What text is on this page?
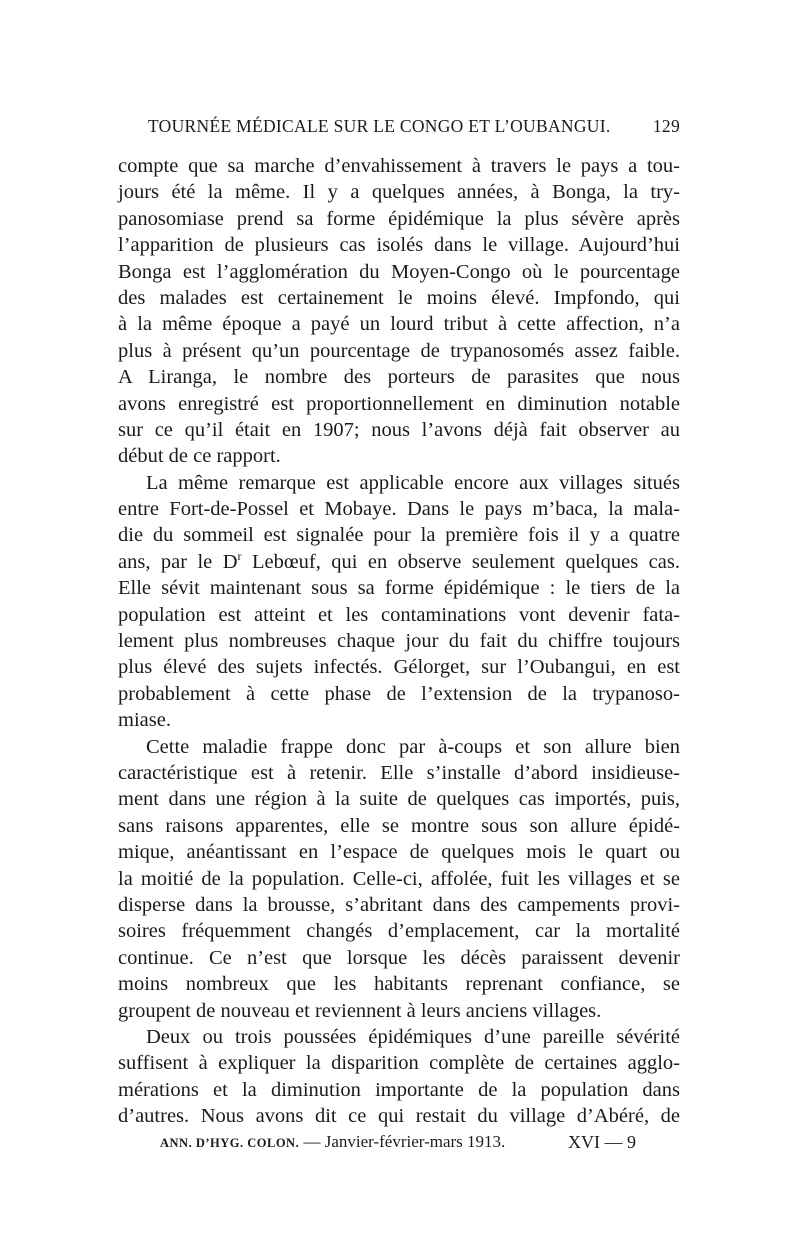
TOURNÉE MÉDICALE SUR LE CONGO ET L’OUBANGUI. 129
compte que sa marche d’envahissement à travers le pays a tou-
jours été la même. Il y a quelques années, à Bonga, la try-
panosomiase prend sa forme épidémique la plus sévère après
l’apparition de plusieurs cas isolés dans le village. Aujourd’hui
Bonga est l’agglomération du Moyen-Congo où le pourcentage
des malades est certainement le moins élevé. Impfondo, qui
à la même époque a payé un lourd tribut à cette affection, n’a
plus à présent qu’un pourcentage de trypanosomés assez faible.
A Liranga, le nombre des porteurs de parasites que nous
avons enregistré est proportionnellement en diminution notable
sur ce qu’il était en 1907; nous l’avons déjà fait observer au
début de ce rapport.
La même remarque est applicable encore aux villages situés
entre Fort-de-Possel et Mobaye. Dans le pays m’baca, la mala-
die du sommeil est signalée pour la première fois il y a quatre
ans, par le $D^r$ Lebœuf, qui en observe seulement quelques cas.
Elle sévit maintenant sous sa forme épidémique : le tiers de la
population est atteint et les contaminations vont devenir fata-
lement plus nombreuses chaque jour du fait du chiffre toujours
plus élevé des sujets infectés. Gélorget, sur l’Oubangui, en est
probablement à cette phase de l’extension de la trypanoso-
miase.
Cette maladie frappe donc par à-coups et son allure bien
caractéristique est à retenir. Elle s’installe d’abord insidieuse-
ment dans une région à la suite de quelques cas importés, puis,
sans raisons apparentes, elle se montre sous son allure épidé-
mique, anéantissant en l’espace de quelques mois le quart ou
la moitié de la population. Celle-ci, affolée, fuit les villages et se
disperse dans la brousse, s’abritant dans des campements provi-
soires fréquemment changés d’emplacement, car la mortalité
continue. Ce n’est que lorsque les décès paraissent devenir
moins nombreux que les habitants reprenant confiance, se
groupent de nouveau et reviennent à leurs anciens villages.
Deux ou trois poussées épidémiques d’une pareille sévérité
suffisent à expliquer la disparition complète de certaines agglo-
mérations et la diminution importante de la population dans
d’autres. Nous avons dit ce qui restait du village d’Abéré, de
ANN. D’HYG. COLON. — Janvier-février-mars 1913.	XVI — 9
